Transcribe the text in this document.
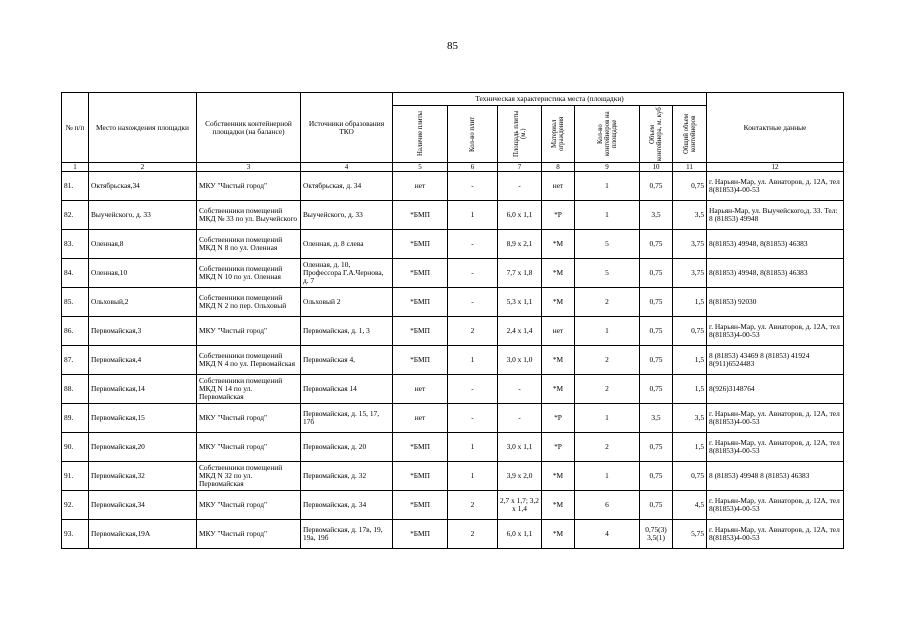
85
№ п/п	Место нахождения площадки	Собственник контейнерной площадки (на балансе)	Источники образования ТКО	Техническая характеристика места (площадки)							Контактные данные

				Наличие плиты	Кол-во плит	Площадь плиты (м.)	Материал ограждения	Кол-во контейнеров на площадке	Объем контейнера, м. куб	Общий объем контейнеров	

1	2	3	4	5	6	7	8	9	10	11	12
81.	Октябрьская,34	МКУ "Чистый город"	Октябрьская, д. 34	нет	-	-	нет	1	0,75	0,75	г. Нарьян-Мар, ул. Авиаторов, д. 12А, тел 8(81853)4-00-53
82.	Выучейского, д. 33	Собственники помещений МКД № 33 по ул. Выучейского	Выучейского, д. 33	*БМП	1	6,0 х 1,1	*Р	1	3,5	3,5	Нарьян-Мар, ул. Выучейского,д. 33. Тел: 8 (81853) 49948
83.	Оленная,8	Собственники помещений МКД N 8 по ул. Оленная	Оленная, д. 8 слева	*БМП	-	8,9 х 2,1	*М	5	0,75	3,75	8(81853) 49948, 8(81853) 46383
84.	Оленная,10	Собственники помещений МКД N 10 по ул. Оленная	Оленная, д. 10, Профессора Г.А.Чернова, д. 7	*БМП	-	7,7 х 1,8	*М	5	0,75	3,75	8(81853) 49948, 8(81853) 46383
85.	Ольховый,2	Собственники помещений МКД N 2 по пер. Ольховый	Ольховый 2	*БМП	-	5,3 х 1,1	*М	2	0,75	1,5	8(81853) 92030
86.	Первомайская,3	МКУ "Чистый город"	Первомайская, д. 1, 3	*БМП	2	2,4 х 1,4	нет	1	0,75	0,75	г. Нарьян-Мар, ул. Авиаторов, д. 12А, тел 8(81853)4-00-53
87.	Первомайская,4	Собственники помещений МКД N 4 по ул. Первомайская	Первомайская 4,	*БМП	1	3,0 х 1,0	*М	2	0,75	1,5	8 (81853) 43469 8 (81853) 41924 8(911)6524483
88.	Первомайская,14	Собственники помещений МКД N 14 по ул. Первомайская	Первомайская 14	нет	-	-	*М	2	0,75	1,5	8(926)3148764
89.	Первомайская,15	МКУ "Чистый город"	Первомайская, д. 15, 17, 17б	нет	-	-	*Р	1	3,5	3,5	г. Нарьян-Мар, ул. Авиаторов, д. 12А, тел 8(81853)4-00-53
90.	Первомайская,20	МКУ "Чистый город"	Первомайская, д. 20	*БМП	1	3,0 х 1,1	*Р	2	0,75	1,5	г. Нарьян-Мар, ул. Авиаторов, д. 12А, тел 8(81853)4-00-53
91.	Первомайская,32	Собственники помещений МКД N 32 по ул. Первомайская	Первомайская, д. 32	*БМП	1	3,9 х 2,0	*М	1	0,75	0,75	8 (81853) 49948 8 (81853) 46383
92.	Первомайская,34	МКУ "Чистый город"	Первомайская, д. 34	*БМП	2	2,7 х 1,7; 3,2 х 1,4	*М	6	0,75	4,5	г. Нарьян-Мар, ул. Авиаторов, д. 12А, тел 8(81853)4-00-53
93.	Первомайская,19А	МКУ "Чистый город"	Первомайская, д. 17в, 19, 19а, 19б	*БМП	2	6,0 х 1,1	*М	4	0,75(3) 3,5(1)	5,75	г. Нарьян-Мар, ул. Авиаторов, д. 12А, тел 8(81853)4-00-53
